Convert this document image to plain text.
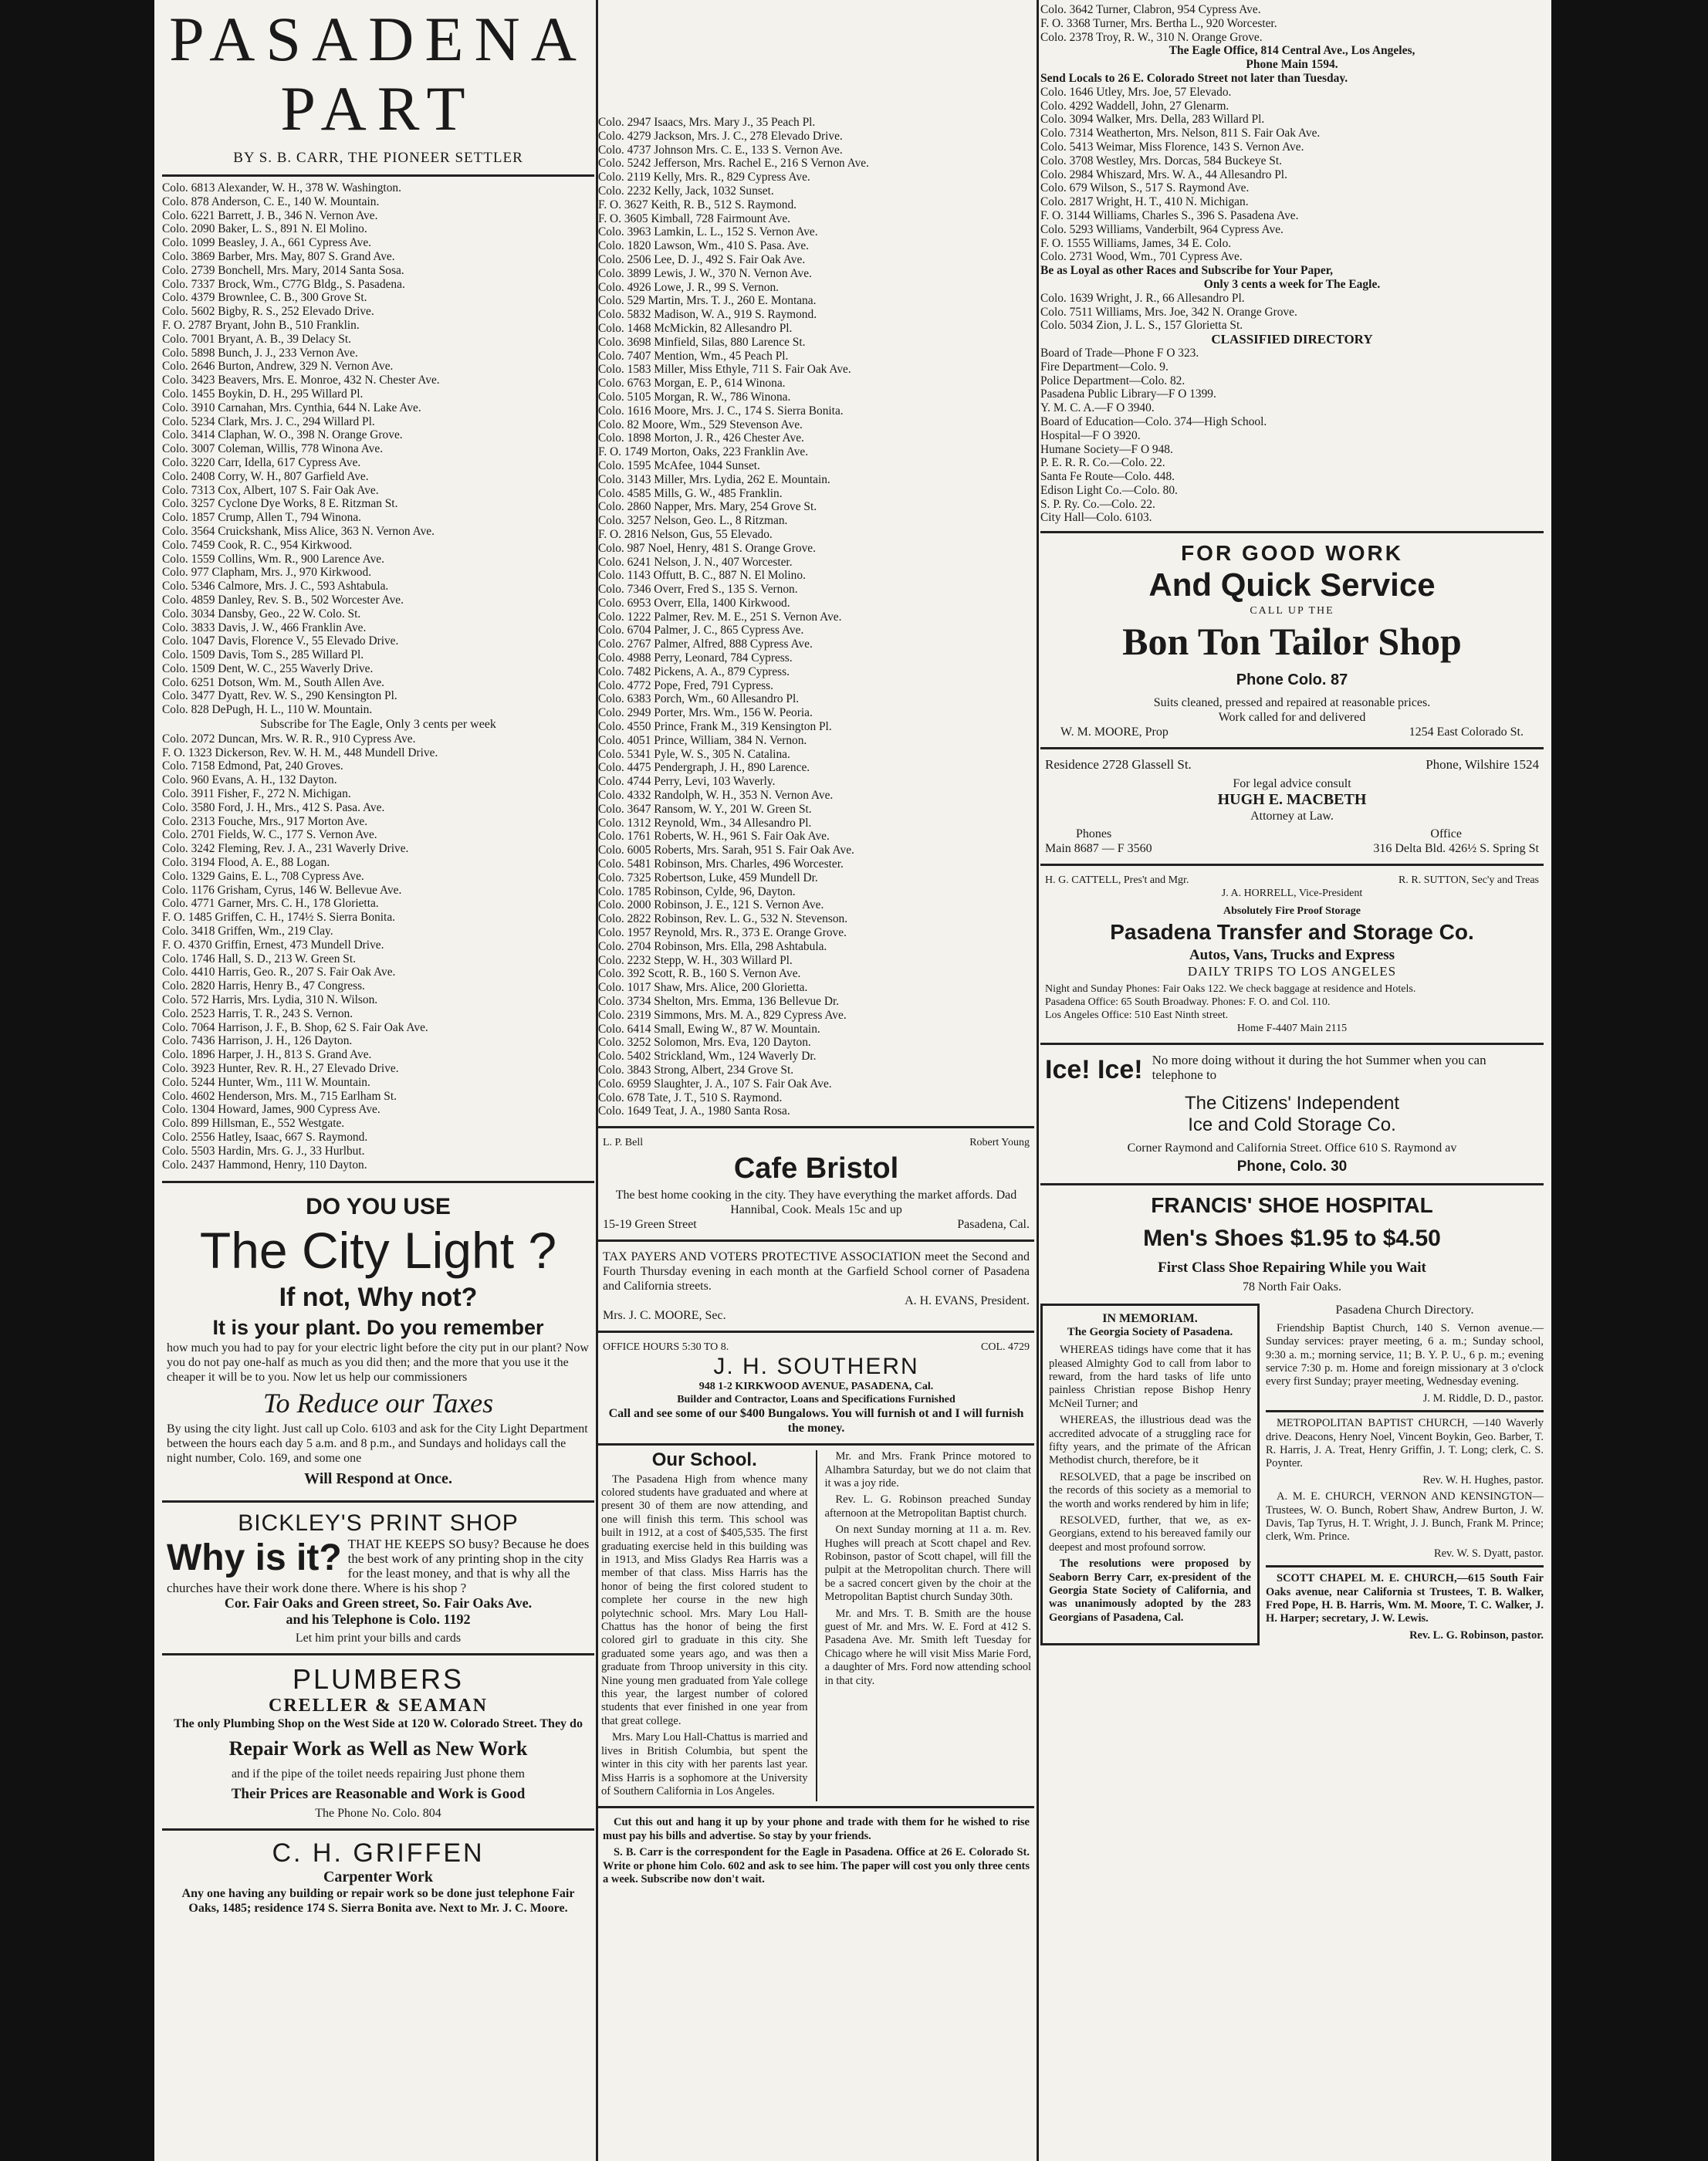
PASADENA PART
BY S. B. CARR, THE PIONEER SETTLER
Colo. 6813 Alexander, W. H., 378 W. Washington.
Colo. 878 Anderson, C. E., 140 W. Mountain.
Colo. 6221 Barrett, J. B., 346 N. Vernon Ave.
Colo. 2090 Baker, L. S., 891 N. El Molino.
Colo. 1099 Beasley, J. A., 661 Cypress Ave.
Colo. 3869 Barber, Mrs. May, 807 S. Grand Ave.
Colo. 2739 Bonchell, Mrs. Mary, 2014 Santa Sosa.
Colo. 7337 Brock, Wm., C77G Bldg., S. Pasadena.
Colo. 4379 Brownlee, C. B., 300 Grove St.
Colo. 5602 Bigby, R. S., 252 Elevado Drive.
F. O. 2787 Bryant, John B., 510 Franklin.
Colo. 7001 Bryant, A. B., 39 Delacy St.
Colo. 5898 Bunch, J. J., 233 Vernon Ave.
Colo. 2646 Burton, Andrew, 329 N. Vernon Ave.
Colo. 3423 Beavers, Mrs. E. Monroe, 432 N. Chester Ave.
Colo. 1455 Boykin, D. H., 295 Willard Pl.
Colo. 3910 Carnahan, Mrs. Cynthia, 644 N. Lake Ave.
Colo. 5234 Clark, Mrs. J. C., 294 Willard Pl.
Colo. 3414 Claphan, W. O., 398 N. Orange Grove.
Colo. 3007 Coleman, Willis, 778 Winona Ave.
Colo. 3220 Carr, Idella, 617 Cypress Ave.
Colo. 2408 Corry, W. H., 807 Garfield Ave.
Colo. 7313 Cox, Albert, 107 S. Fair Oak Ave.
Colo. 3257 Cyclone Dye Works, 8 E. Ritzman St.
Colo. 1857 Crump, Allen T., 794 Winona.
Colo. 3564 Cruickshank, Miss Alice, 363 N. Vernon Ave.
Colo. 7459 Cook, R. C., 954 Kirkwood.
Colo. 1559 Collins, Wm. R., 900 Larence Ave.
Colo. 977 Clapham, Mrs. J., 970 Kirkwood.
Colo. 5346 Calmore, Mrs. J. C., 593 Ashtabula.
Colo. 4859 Danley, Rev. S. B., 502 Worcester Ave.
Colo. 3034 Dansby, Geo., 22 W. Colo. St.
Colo. 3833 Davis, J. W., 466 Franklin Ave.
Colo. 1047 Davis, Florence V., 55 Elevado Drive.
Colo. 1509 Davis, Tom S., 285 Willard Pl.
Colo. 1509 Dent, W. C., 255 Waverly Drive.
Colo. 6251 Dotson, Wm. M., South Allen Ave.
Colo. 3477 Dyatt, Rev. W. S., 290 Kensington Pl.
Colo. 828 DePugh, H. L., 110 W. Mountain.
Subscribe for The Eagle, Only 3 cents per week
Colo. 2072 Duncan, Mrs. W. R. R., 910 Cypress Ave.
F. O. 1323 Dickerson, Rev. W. H. M., 448 Mundell Drive.
Colo. 7158 Edmond, Pat, 240 Groves.
Colo. 960 Evans, A. H., 132 Dayton.
Colo. 3911 Fisher, F., 272 N. Michigan.
Colo. 3580 Ford, J. H., Mrs., 412 S. Pasa. Ave.
Colo. 2313 Fouche, Mrs., 917 Morton Ave.
Colo. 2701 Fields, W. C., 177 S. Vernon Ave.
Colo. 3242 Fleming, Rev. J. A., 231 Waverly Drive.
Colo. 3194 Flood, A. E., 88 Logan.
Colo. 1329 Gains, E. L., 708 Cypress Ave.
Colo. 1176 Grisham, Cyrus, 146 W. Bellevue Ave.
Colo. 4771 Garner, Mrs. C. H., 178 Glorietta.
F. O. 1485 Griffen, C. H., 174½ S. Sierra Bonita.
Colo. 3418 Griffen, Wm., 219 Clay.
F. O. 4370 Griffin, Ernest, 473 Mundell Drive.
Colo. 1746 Hall, S. D., 213 W. Green St.
Colo. 4410 Harris, Geo. R., 207 S. Fair Oak Ave.
Colo. 2820 Harris, Henry B., 47 Congress.
Colo. 572 Harris, Mrs. Lydia, 310 N. Wilson.
Colo. 2523 Harris, T. R., 243 S. Vernon.
Colo. 7064 Harrison, J. F., B. Shop, 62 S. Fair Oak Ave.
Colo. 7436 Harrison, J. H., 126 Dayton.
Colo. 1896 Harper, J. H., 813 S. Grand Ave.
Colo. 3923 Hunter, Rev. R. H., 27 Elevado Drive.
Colo. 5244 Hunter, Wm., 111 W. Mountain.
Colo. 4602 Henderson, Mrs. M., 715 Earlham St.
Colo. 1304 Howard, James, 900 Cypress Ave.
Colo. 899 Hillsman, E., 552 Westgate.
Colo. 2556 Hatley, Isaac, 667 S. Raymond.
Colo. 5503 Hardin, Mrs. G. J., 33 Hurlbut.
Colo. 2437 Hammond, Henry, 110 Dayton.
DO YOU USE
The City Light ?
If not, Why not?
It is your plant. Do you remember
how much you had to pay for your electric light before the city put in our plant? Now you do not pay one-half as much as you did then; and the more that you use it the cheaper it will be to you. Now let us help our commissioners
To Reduce our Taxes
By using the city light. Just call up Colo. 6103 and ask for the City Light Department between the hours each day 5 a.m. and 8 p.m., and Sundays and holidays call the night number, Colo. 169, and some one
Will Respond at Once.
BICKLEY'S PRINT SHOP
Why is it? THAT HE KEEPS SO busy? Because he does the best work of any printing shop in the city for the least money, and that is why all the churches have their work done there. Where is his shop ?
Cor. Fair Oaks and Green street, So. Fair Oaks Ave.
and his Telephone is Colo. 1192
Let him print your bills and cards
PLUMBERS
CRELLER & SEAMAN
The only Plumbing Shop on the West Side at 120 W. Colorado Street. They do
Repair Work as Well as New Work
and if the pipe of the toilet needs repairing Just phone them
Their Prices are Reasonable and Work is Good
The Phone No. Colo. 804
C. H. GRIFFEN
Carpenter Work
Any one having any building or repair work so be done just telephone Fair Oaks, 1485; residence 174 S. Sierra Bonita ave. Next to Mr. J. C. Moore.
Colo. 2947 Isaacs, Mrs. Mary J., 35 Peach Pl.
Colo. 4279 Jackson, Mrs. J. C., 278 Elevado Drive.
Colo. 4737 Johnson Mrs. C. E., 133 S. Vernon Ave.
Colo. 5242 Jefferson, Mrs. Rachel E., 216 S Vernon Ave.
Colo. 2119 Kelly, Mrs. R., 829 Cypress Ave.
Colo. 2232 Kelly, Jack, 1032 Sunset.
F. O. 3627 Keith, R. B., 512 S. Raymond.
F. O. 3605 Kimball, 728 Fairmount Ave.
Colo. 3963 Lamkin, L. L., 152 S. Vernon Ave.
Colo. 1820 Lawson, Wm., 410 S. Pasa. Ave.
Colo. 2506 Lee, D. J., 492 S. Fair Oak Ave.
Colo. 3899 Lewis, J. W., 370 N. Vernon Ave.
Colo. 4926 Lowe, J. R., 99 S. Vernon.
Colo. 529 Martin, Mrs. T. J., 260 E. Montana.
Colo. 5832 Madison, W. A., 919 S. Raymond.
Colo. 1468 McMickin, 82 Allesandro Pl.
Colo. 3698 Minfield, Silas, 880 Larence St.
Colo. 7407 Mention, Wm., 45 Peach Pl.
Colo. 1583 Miller, Miss Ethyle, 711 S. Fair Oak Ave.
Colo. 6763 Morgan, E. P., 614 Winona.
Colo. 5105 Morgan, R. W., 786 Winona.
Colo. 1616 Moore, Mrs. J. C., 174 S. Sierra Bonita.
Colo. 82 Moore, Wm., 529 Stevenson Ave.
Colo. 1898 Morton, J. R., 426 Chester Ave.
F. O. 1749 Morton, Oaks, 223 Franklin Ave.
Colo. 1595 McAfee, 1044 Sunset.
Colo. 3143 Miller, Mrs. Lydia, 262 E. Mountain.
Colo. 4585 Mills, G. W., 485 Franklin.
Colo. 2860 Napper, Mrs. Mary, 254 Grove St.
Colo. 3257 Nelson, Geo. L., 8 Ritzman.
F. O. 2816 Nelson, Gus, 55 Elevado.
Colo. 987 Noel, Henry, 481 S. Orange Grove.
Colo. 6241 Nelson, J. N., 407 Worcester.
Colo. 1143 Offutt, B. C., 887 N. El Molino.
Colo. 7346 Overr, Fred S., 135 S. Vernon.
Colo. 6953 Overr, Ella, 1400 Kirkwood.
Colo. 1222 Palmer, Rev. M. E., 251 S. Vernon Ave.
Colo. 6704 Palmer, J. C., 865 Cypress Ave.
Colo. 2767 Palmer, Alfred, 888 Cypress Ave.
Colo. 4988 Perry, Leonard, 784 Cypress.
Colo. 7482 Pickens, A. A., 879 Cypress.
Colo. 4772 Pope, Fred, 791 Cypress.
Colo. 6383 Porch, Wm., 60 Allesandro Pl.
Colo. 2949 Porter, Mrs. Wm., 156 W. Peoria.
Colo. 4550 Prince, Frank M., 319 Kensington Pl.
Colo. 4051 Prince, William, 384 N. Vernon.
Colo. 5341 Pyle, W. S., 305 N. Catalina.
Colo. 4475 Pendergraph, J. H., 890 Larence.
Colo. 4744 Perry, Levi, 103 Waverly.
Colo. 4332 Randolph, W. H., 353 N. Vernon Ave.
Colo. 3647 Ransom, W. Y., 201 W. Green St.
Colo. 1312 Reynold, Wm., 34 Allesandro Pl.
Colo. 1761 Roberts, W. H., 961 S. Fair Oak Ave.
Colo. 6005 Roberts, Mrs. Sarah, 951 S. Fair Oak Ave.
Colo. 5481 Robinson, Mrs. Charles, 496 Worcester.
Colo. 7325 Robertson, Luke, 459 Mundell Dr.
Colo. 1785 Robinson, Cylde, 96, Dayton.
Colo. 2000 Robinson, J. E., 121 S. Vernon Ave.
Colo. 2822 Robinson, Rev. L. G., 532 N. Stevenson.
Colo. 1957 Reynold, Mrs. R., 373 E. Orange Grove.
Colo. 2704 Robinson, Mrs. Ella, 298 Ashtabula.
Colo. 2232 Stepp, W. H., 303 Willard Pl.
Colo. 392 Scott, R. B., 160 S. Vernon Ave.
Colo. 1017 Shaw, Mrs. Alice, 200 Glorietta.
Colo. 3734 Shelton, Mrs. Emma, 136 Bellevue Dr.
Colo. 2319 Simmons, Mrs. M. A., 829 Cypress Ave.
Colo. 6414 Small, Ewing W., 87 W. Mountain.
Colo. 3252 Solomon, Mrs. Eva, 120 Dayton.
Colo. 5402 Strickland, Wm., 124 Waverly Dr.
Colo. 3843 Strong, Albert, 234 Grove St.
Colo. 6959 Slaughter, J. A., 107 S. Fair Oak Ave.
Colo. 678 Tate, J. T., 510 S. Raymond.
Colo. 1649 Teat, J. A., 1980 Santa Rosa.
L. P. Bell	Robert Young
Cafe Bristol
The best home cooking in the city. They have everything the market affords. Dad Hannibal, Cook. Meals 15c and up
15-19 Green Street	Pasadena, Cal.
TAX PAYERS AND VOTERS PROTECTIVE ASSOCIATION meet the Second and Fourth Thursday evening in each month at the Garfield School corner of Pasadena and California streets.
A. H. EVANS, President.
Mrs. J. C. MOORE, Sec.
OFFICE HOURS 5:30 TO 8.	COL. 4729
J. H. SOUTHERN
948 1-2 KIRKWOOD AVENUE, PASADENA, Cal.
Builder and Contractor, Loans and Specifications Furnished
Call and see some of our $400 Bungalows. You will furnish ot and I will furnish the money.
Our School.

The Pasadena High from whence many colored students have graduated and where at present 30 of them are now attending, and one will finish this term. This school was built in 1912, at a cost of $405,535. The first graduating exercise held in this building was in 1913, and Miss Gladys Rea Harris was a member of that class. Miss Harris has the honor of being the first colored student to complete her course in the new high polytechnic school. Mrs. Mary Lou Hall-Chattus has the honor of being the first colored girl to graduate in this city. She graduated some years ago, and was then a graduate from Throop university in this city. Nine young men graduated from Yale college this year, the largest number of colored students that ever finished in one year from that great college.

Mrs. Mary Lou Hall-Chattus is married and lives in British Columbia, but spent the winter in this city with her parents last year. Miss Harris is a sophomore at the University of Southern California in Los Angeles.

Mr. and Mrs. Frank Prince motored to Alhambra Saturday, but we do not claim that it was a joy ride.

Rev. L. G. Robinson preached Sunday afternoon at the Metropolitan Baptist church.

On next Sunday morning at 11 a. m. Rev. Hughes will preach at Scott chapel and Rev. Robinson, pastor of Scott chapel, will fill the pulpit at the Metropolitan church. There will be a sacred concert given by the choir at the Metropolitan Baptist church Sunday 30th.

Mr. and Mrs. T. B. Smith are the house guest of Mr. and Mrs. W. E. Ford at 412 S. Pasadena Ave. Mr. Smith left Tuesday for Chicago where he will visit Miss Marie Ford, a daughter of Mrs. Ford now attending school in that city.

Cut this out and hang it up by your phone and trade with them for he wished to rise must pay his bills and advertise. So stay by your friends.

S. B. Carr is the correspondent for the Eagle in Pasadena. Office at 26 E. Colorado St. Write or phone him Colo. 602 and ask to see him. The paper will cost you only three cents a week. Subscribe now don't wait.

Colo. 3642 Turner, Clabron, 954 Cypress Ave.
F. O. 3368 Turner, Mrs. Bertha L., 920 Worcester.
Colo. 2378 Troy, R. W., 310 N. Orange Grove.
The Eagle Office, 814 Central Ave., Los Angeles,
Phone Main 1594.
Send Locals to 26 E. Colorado Street not later than Tuesday.
Colo. 1646 Utley, Mrs. Joe, 57 Elevado.
Colo. 4292 Waddell, John, 27 Glenarm.
Colo. 3094 Walker, Mrs. Della, 283 Willard Pl.
Colo. 7314 Weatherton, Mrs. Nelson, 811 S. Fair Oak Ave.
Colo. 5413 Weimar, Miss Florence, 143 S. Vernon Ave.
Colo. 3708 Westley, Mrs. Dorcas, 584 Buckeye St.
Colo. 2984 Whiszard, Mrs. W. A., 44 Allesandro Pl.
Colo. 679 Wilson, S., 517 S. Raymond Ave.
Colo. 2817 Wright, H. T., 410 N. Michigan.
F. O. 3144 Williams, Charles S., 396 S. Pasadena Ave.
Colo. 5293 Williams, Vanderbilt, 964 Cypress Ave.
F. O. 1555 Williams, James, 34 E. Colo.
Colo. 2731 Wood, Wm., 701 Cypress Ave.
Be as Loyal as other Races and Subscribe for Your Paper,
Only 3 cents a week for The Eagle.
Colo. 1639 Wright, J. R., 66 Allesandro Pl.
Colo. 7511 Williams, Mrs. Joe, 342 N. Orange Grove.
Colo. 5034 Zion, J. L. S., 157 Glorietta St.
CLASSIFIED DIRECTORY
Board of Trade—Phone F O 323.
Fire Department—Colo. 9.
Police Department—Colo. 82.
Pasadena Public Library—F O 1399.
Y. M. C. A.—F O 3940.
Board of Education—Colo. 374—High School.
Hospital—F O 3920.
Humane Society—F O 948.
P. E. R. R. Co.—Colo. 22.
Santa Fe Route—Colo. 448.
Edison Light Co.—Colo. 80.
S. P. Ry. Co.—Colo. 22.
City Hall—Colo. 6103.
FOR GOOD WORK
And Quick Service
CALL UP THE
Bon Ton Tailor Shop
Phone Colo. 87
Suits cleaned, pressed and repaired at reasonable prices.
Work called for and delivered
W. M. MOORE, Prop	1254 East Colorado St.
Residence 2728 Glassell St.	Phone, Wilshire 1524
For legal advice consult
HUGH E. MACBETH
Attorney at Law.
Phones	Office
Main 8687 — F 3560	316 Delta Bld. 426½ S. Spring St
H. G. CATTELL, Pres't and Mgr.	R. R. SUTTON, Sec'y and Treas
J. A. HORRELL, Vice-President
Absolutely Fire Proof Storage
Pasadena Transfer and Storage Co.
Autos, Vans, Trucks and Express
DAILY TRIPS TO LOS ANGELES
Night and Sunday Phones: Fair Oaks 122. We check baggage at residence and Hotels.
Pasadena Office: 65 South Broadway. Phones: F. O. and Col. 110.
Los Angeles Office: 510 East Ninth street.
Home F-4407 Main 2115
Ice! Ice! No more doing without it during the hot Summer when you can telephone to
The Citizens' Independent
Ice and Cold Storage Co.
Corner Raymond and California Street. Office 610 S. Raymond av
Phone, Colo. 30
FRANCIS' SHOE HOSPITAL
Men's Shoes $1.95 to $4.50
First Class Shoe Repairing While you Wait
78 North Fair Oaks.
IN MEMORIAM.
The Georgia Society of Pasadena.

WHEREAS tidings have come that it has pleased Almighty God to call from labor to reward, from the hard tasks of life unto painless Christian repose Bishop Henry McNeil Turner; and

WHEREAS, the illustrious dead was the accredited advocate of a struggling race for fifty years, and the primate of the African Methodist church, therefore, be it

RESOLVED, that a page be inscribed on the records of this society as a memorial to the worth and works rendered by him in life;

RESOLVED, further, that we, as ex-Georgians, extend to his bereaved family our deepest and most profound sorrow.

The resolutions were proposed by Seaborn Berry Carr, ex-president of the Georgia State Society of California, and was unanimously adopted by the 283 Georgians of Pasadena, Cal.

Pasadena Church Directory.

Friendship Baptist Church, 140 S. Vernon avenue.—Sunday services: prayer meeting, 6 a. m.; Sunday school, 9:30 a. m.; morning service, 11; B. Y. P. U., 6 p. m.; evening service 7:30 p. m. Home and foreign missionary at 3 o'clock every first Sunday; prayer meeting, Wednesday evening.

J. M. Riddle, D. D., pastor.

METROPOLITAN BAPTIST CHURCH, —140 Waverly drive. Deacons, Henry Noel, Vincent Boykin, Geo. Barber, T. R. Harris, J. A. Treat, Henry Griffin, J. T. Long; clerk, C. S. Poynter.

Rev. W. H. Hughes, pastor.

A. M. E. CHURCH, VERNON AND KENSINGTON—Trustees, W. O. Bunch, Robert Shaw, Andrew Burton, J. W. Davis, Tap Tyrus, H. T. Wright, J. J. Bunch, Frank M. Prince; clerk, Wm. Prince.

Rev. W. S. Dyatt, pastor.

SCOTT CHAPEL M. E. CHURCH,—615 South Fair Oaks avenue, near California st Trustees, T. B. Walker, Fred Pope, H. B. Harris, Wm. M. Moore, T. C. Walker, J. H. Harper; secretary, J. W. Lewis.

Rev. L. G. Robinson, pastor.
